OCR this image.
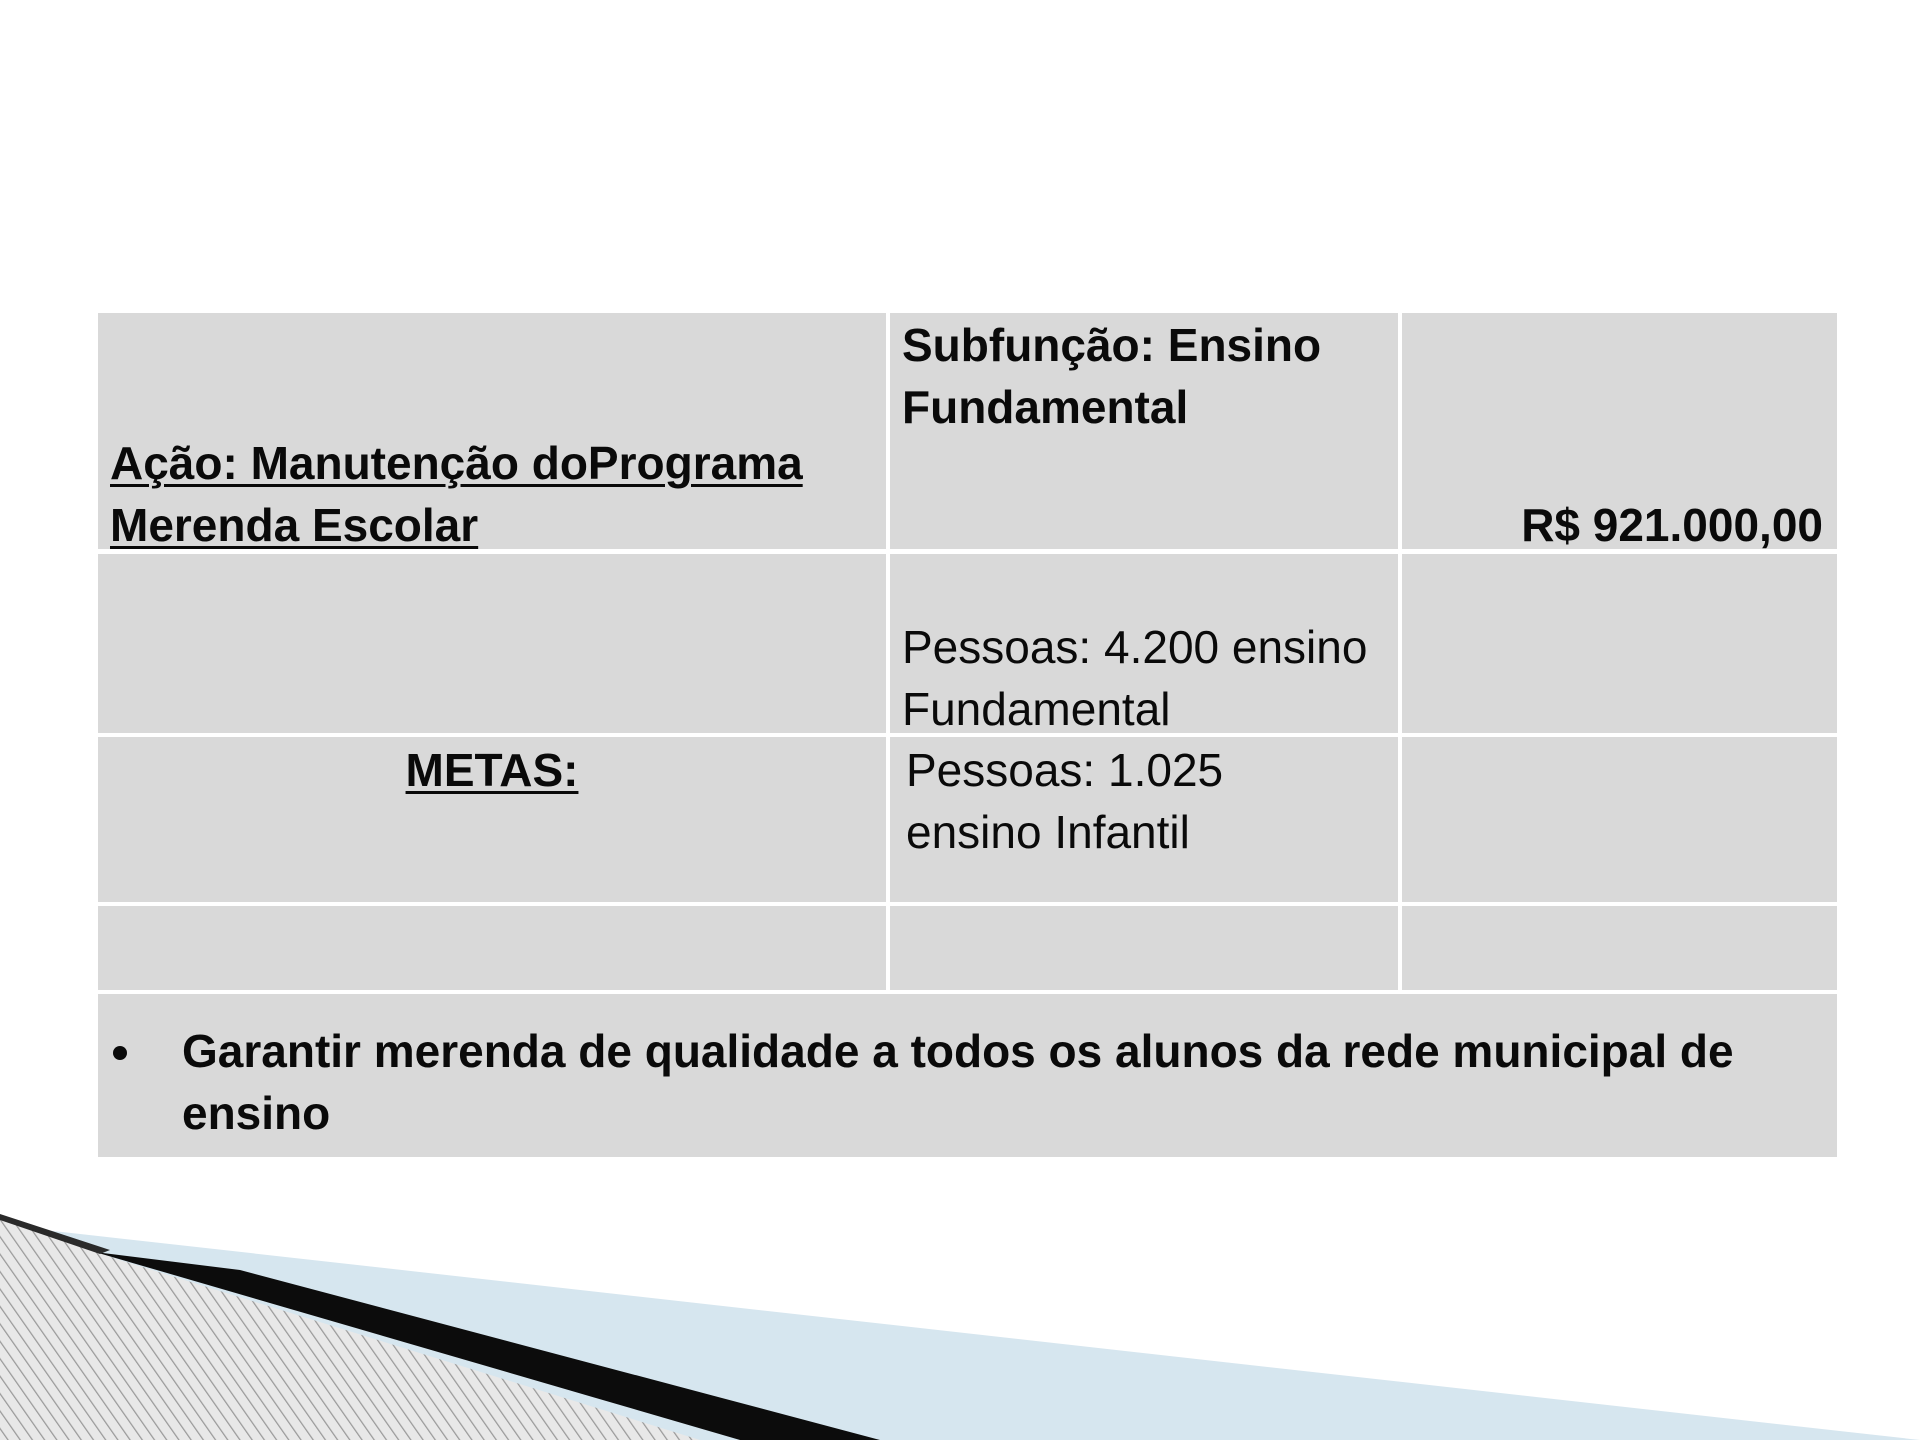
Ação: Manutenção doPrograma
Merenda Escolar
Subfunção: Ensino
Fundamental
R$ 921.000,00
Pessoas: 4.200 ensino
Fundamental
METAS:	Pessoas: 1.025
ensino Infantil
Garantir merenda de qualidade a todos os alunos da rede municipal de
ensino
